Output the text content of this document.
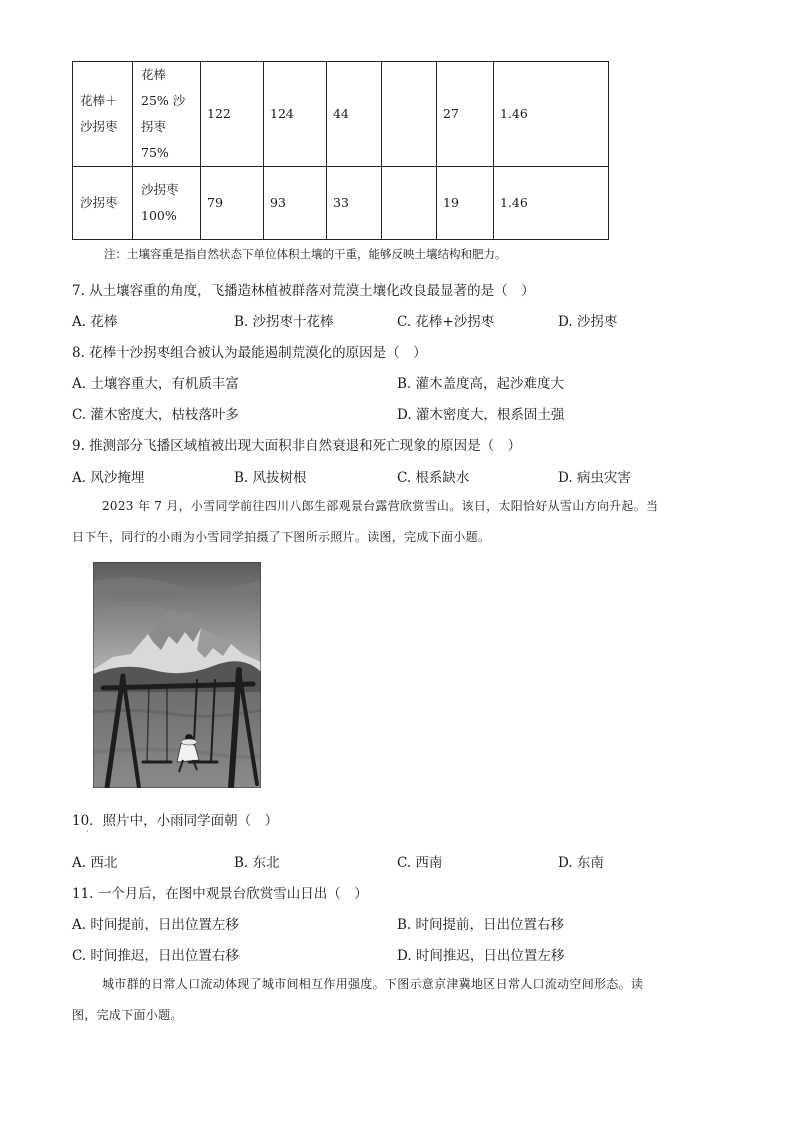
花棒＋沙拐枣	花棒25% 沙拐枣 75%	122	124	44		27	1.46
沙拐枣	沙拐枣 100%	79	93	33		19	1.46
注：土壤容重是指自然状态下单位体积土壤的干重，能够反映土壤结构和肥力。
7. 从土壤容重的角度，飞播造林植被群落对荒漠土壤化改良最显著的是（　）
A. 花棒	B. 沙拐枣十花棒	C. 花棒+沙拐枣	D. 沙拐枣
8. 花棒十沙拐枣组合被认为最能遏制荒漠化的原因是（　）
A. 土壤容重大，有机质丰富	B. 灌木盖度高，起沙难度大
C. 灌木密度大，枯枝落叶多	D. 灌木密度大，根系固土强
9. 推测部分飞播区域植被出现大面积非自然衰退和死亡现象的原因是（　）
A. 风沙掩埋	B. 风拔树根	C. 根系缺水	D. 病虫灾害
2023 年 7 月，小雪同学前往四川八郎生部观景台露营欣赏雪山。该日，太阳恰好从雪山方向升起。当
日下午，同行的小雨为小雪同学拍摄了下图所示照片。读图，完成下面小题。
10．照片中，小雨同学面朝（　）
·
A. 西北	B. 东北	C. 西南	D. 东南
11. 一个月后，在图中观景台欣赏雪山日出（　）
A. 时间提前，日出位置左移	B. 时间提前，日出位置右移
C. 时间推迟，日出位置右移	D. 时间推迟，日出位置左移
城市群的日常人口流动体现了城市间相互作用强度。下图示意京津冀地区日常人口流动空间形态。读
图，完成下面小题。
